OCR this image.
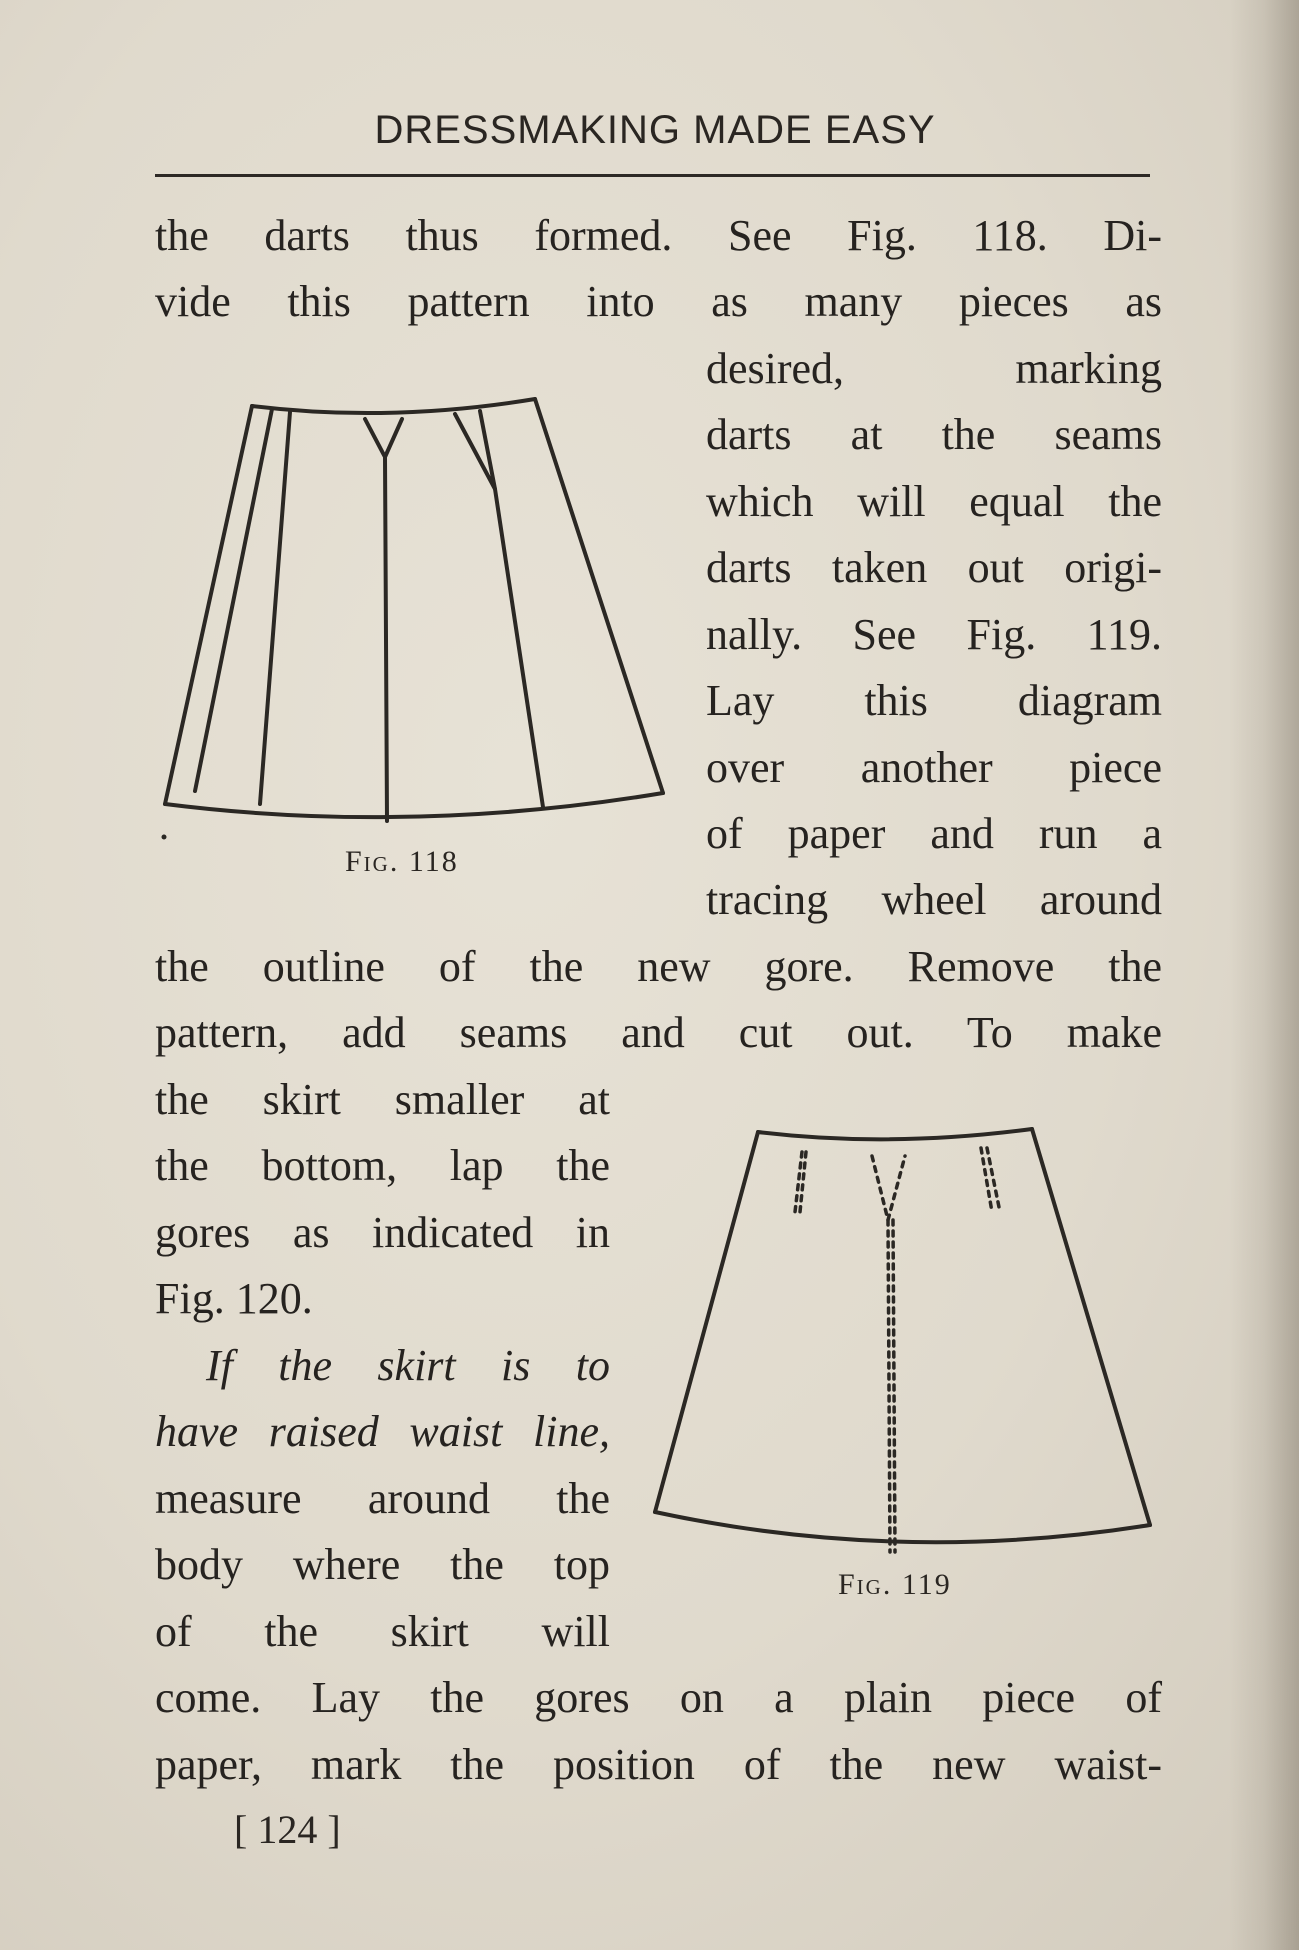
DRESSMAKING MADE EASY
the darts thus formed. See Fig. 118. Di-
vide this pattern into as many pieces as
desired, marking
darts at the seams
which will equal the
darts taken out origi-
nally. See Fig. 119.
Lay this diagram
over another piece
of paper and run a
tracing wheel around
the outline of the new gore. Remove the
pattern, add seams and cut out. To make
the skirt smaller at
the bottom, lap the
gores as indicated in
Fig. 120.
If the skirt is to
have raised waist line,
measure around the
body where the top
of the skirt will
come. Lay the gores on a plain piece of
paper, mark the position of the new waist-
Fig. 118
Fig. 119
[ 124 ]
